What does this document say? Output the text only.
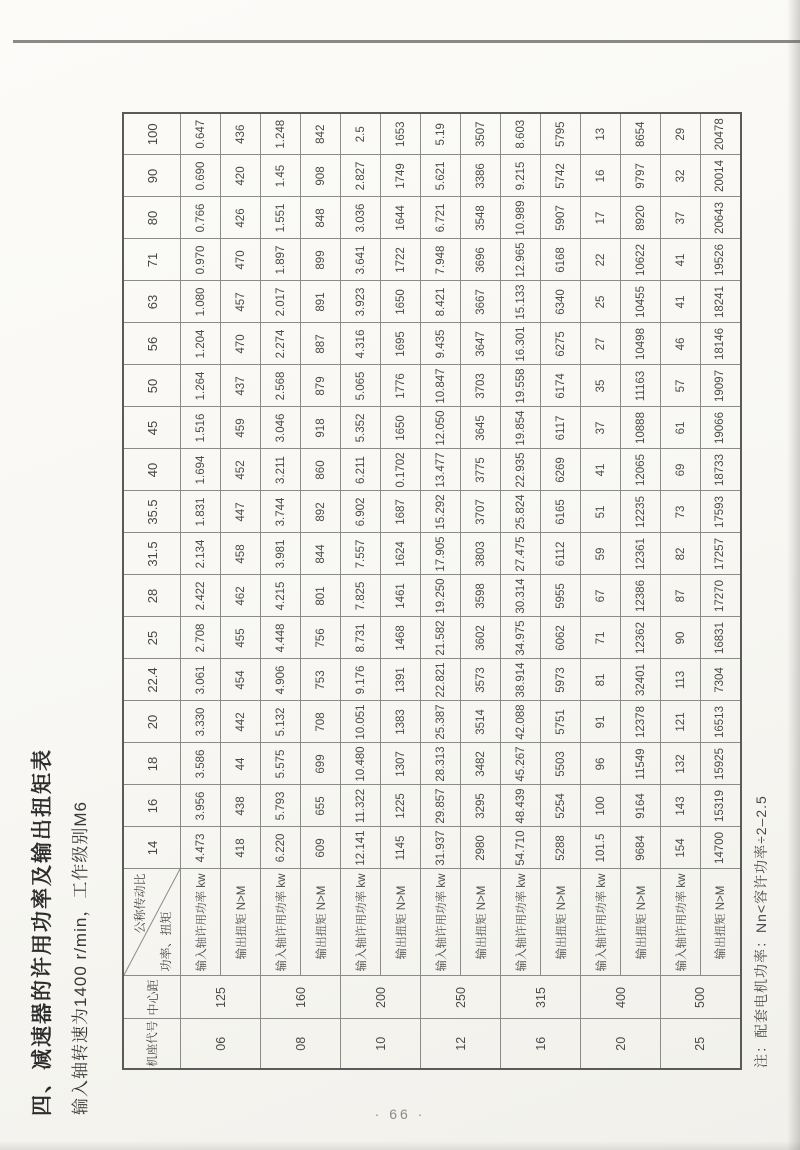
四、减速器的许用功率及输出扭矩表 输入轴转速为1400 r/min，工作级别M6	机座代号	中心距	公称传动比
功率、扭矩	14	16	18	20	22.4	25	28	31.5	35.5	40	45	50	56	63	71	80	90	100
06	125	输入轴许用功率 kw	4.473	3.956	3.586	3.330	3.061	2.708	2.422	2.134	1.831	1.694	1.516	1.264	1.204	1.080	0.970	0.766	0.690	0.647
		输出扭矩 N>M	418	438	44	442	454	455	462	458	447	452	459	437	470	457	470	426	420	436
08	160	输入轴许用功率 kw	6.220	5.793	5.575	5.132	4.906	4.448	4.215	3.981	3.744	3.211	3.046	2.568	2.274	2.017	1.897	1.551	1.45	1.248
		输出扭矩 N>M	609	655	699	708	753	756	801	844	892	860	918	879	887	891	899	848	908	842
10	200	输入轴许用功率 kw	12.141	11.322	10.480	10.051	9.176	8.731	7.825	7.557	6.902	6.211	5.352	5.065	4.316	3.923	3.641	3.036	2.827	2.5
		输出扭矩 N>M	1145	1225	1307	1383	1391	1468	1461	1624	1687	0.1702	1650	1776	1695	1650	1722	1644	1749	1653
12	250	输入轴许用功率 kw	31.937	29.857	28.313	25.387	22.821	21.582	19.250	17.905	15.292	13.477	12.050	10.847	9.435	8.421	7.948	6.721	5.621	5.19
		输出扭矩 N>M	2980	3295	3482	3514	3573	3602	3598	3803	3707	3775	3645	3703	3647	3667	3696	3548	3386	3507
16	315	输入轴许用功率 kw	54.710	48.439	45.267	42.088	38.914	34.975	30.314	27.475	25.824	22.935	19.854	19.558	16.301	15.133	12.965	10.989	9.215	8.603
		输出扭矩 N>M	5288	5254	5503	5751	5973	6062	5955	6112	6165	6269	6117	6174	6275	6340	6168	5907	5742	5795
20	400	输入轴许用功率 kw	101.5	100	96	91	81	71	67	59	51	41	37	35	27	25	22	17	16	13
		输出扭矩 N>M	9684	9164	11549	12378	32401	12362	12386	12361	12235	12065	10888	11163	10498	10455	10622	8920	9797	8654
25	500	输入轴许用功率 kw	154	143	132	121	113	90	87	82	73	69	61	57	46	41	41	37	32	29
		输出扭矩 N>M	14700	15319	15925	16513	7304	16831	17270	17257	17593	18733	19066	19097	18146	18241	19526	20643	20014	20478
注：配套电机功率：Nn<容许功率÷2–2.5
· 66 ·
